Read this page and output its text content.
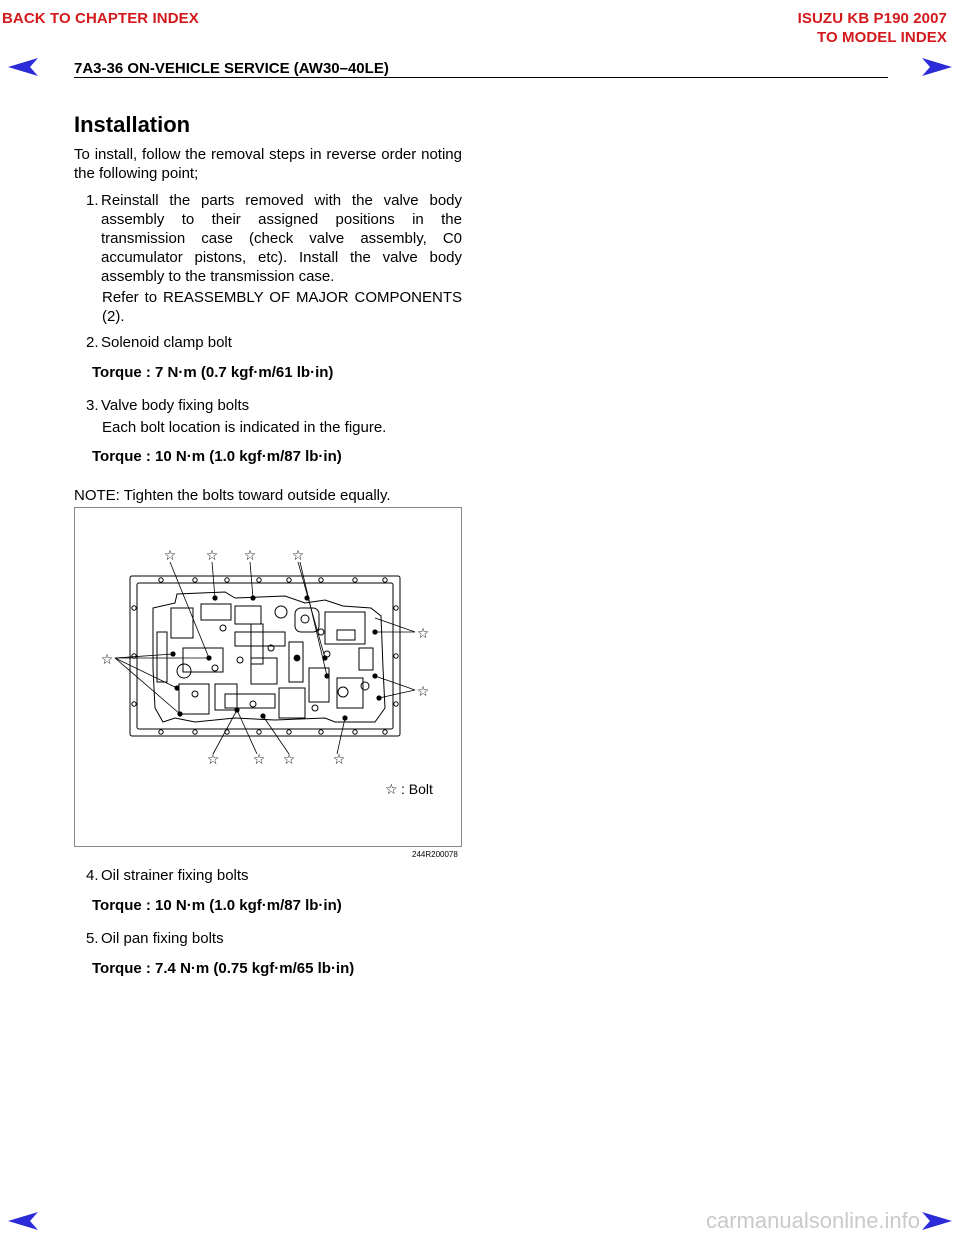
BACK TO CHAPTER INDEX	ISUZU KB P190 2007
TO MODEL INDEX
7A3-36 ON-VEHICLE SERVICE (AW30–40LE)
Installation
To install, follow the removal steps in reverse order noting the following point;
1. Reinstall the parts removed with the valve body assembly to their assigned positions in the transmission case (check valve assembly, C0 accumulator pistons, etc). Install the valve body assembly to the transmission case.
Refer to REASSEMBLY OF MAJOR COMPONENTS (2).
2. Solenoid clamp bolt
Torque : 7 N·m (0.7 kgf·m/61 lb·in)
3. Valve body fixing bolts
Each bolt location is indicated in the figure.
Torque : 10 N·m (1.0 kgf·m/87 lb·in)
NOTE: Tighten the bolts toward outside equally.
☆ ☆ ☆	☆
☆
☆
☆
☆ ☆ ☆	☆
☆ : Bolt
244R200078
4. Oil strainer fixing bolts
Torque : 10 N·m (1.0 kgf·m/87 lb·in)
5. Oil pan fixing bolts
Torque : 7.4 N·m (0.75 kgf·m/65 lb·in)
carmanualsonline.info
